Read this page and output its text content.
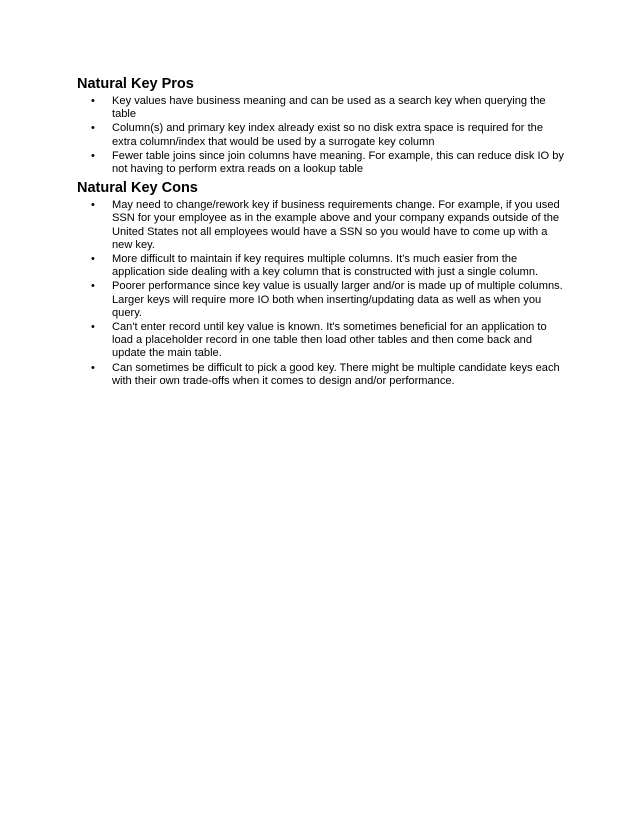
Natural Key Pros
• Key values have business meaning and can be used as a search key when querying the table
• Column(s) and primary key index already exist so no disk extra space is required for the extra column/index that would be used by a surrogate key column
• Fewer table joins since join columns have meaning. For example, this can reduce disk IO by not having to perform extra reads on a lookup table
Natural Key Cons
• May need to change/rework key if business requirements change. For example, if you used SSN for your employee as in the example above and your company expands outside of the United States not all employees would have a SSN so you would have to come up with a new key.
• More difficult to maintain if key requires multiple columns. It's much easier from the application side dealing with a key column that is constructed with just a single column.
• Poorer performance since key value is usually larger and/or is made up of multiple columns. Larger keys will require more IO both when inserting/updating data as well as when you query.
• Can't enter record until key value is known. It's sometimes beneficial for an application to load a placeholder record in one table then load other tables and then come back and update the main table.
• Can sometimes be difficult to pick a good key. There might be multiple candidate keys each with their own trade-offs when it comes to design and/or performance.
